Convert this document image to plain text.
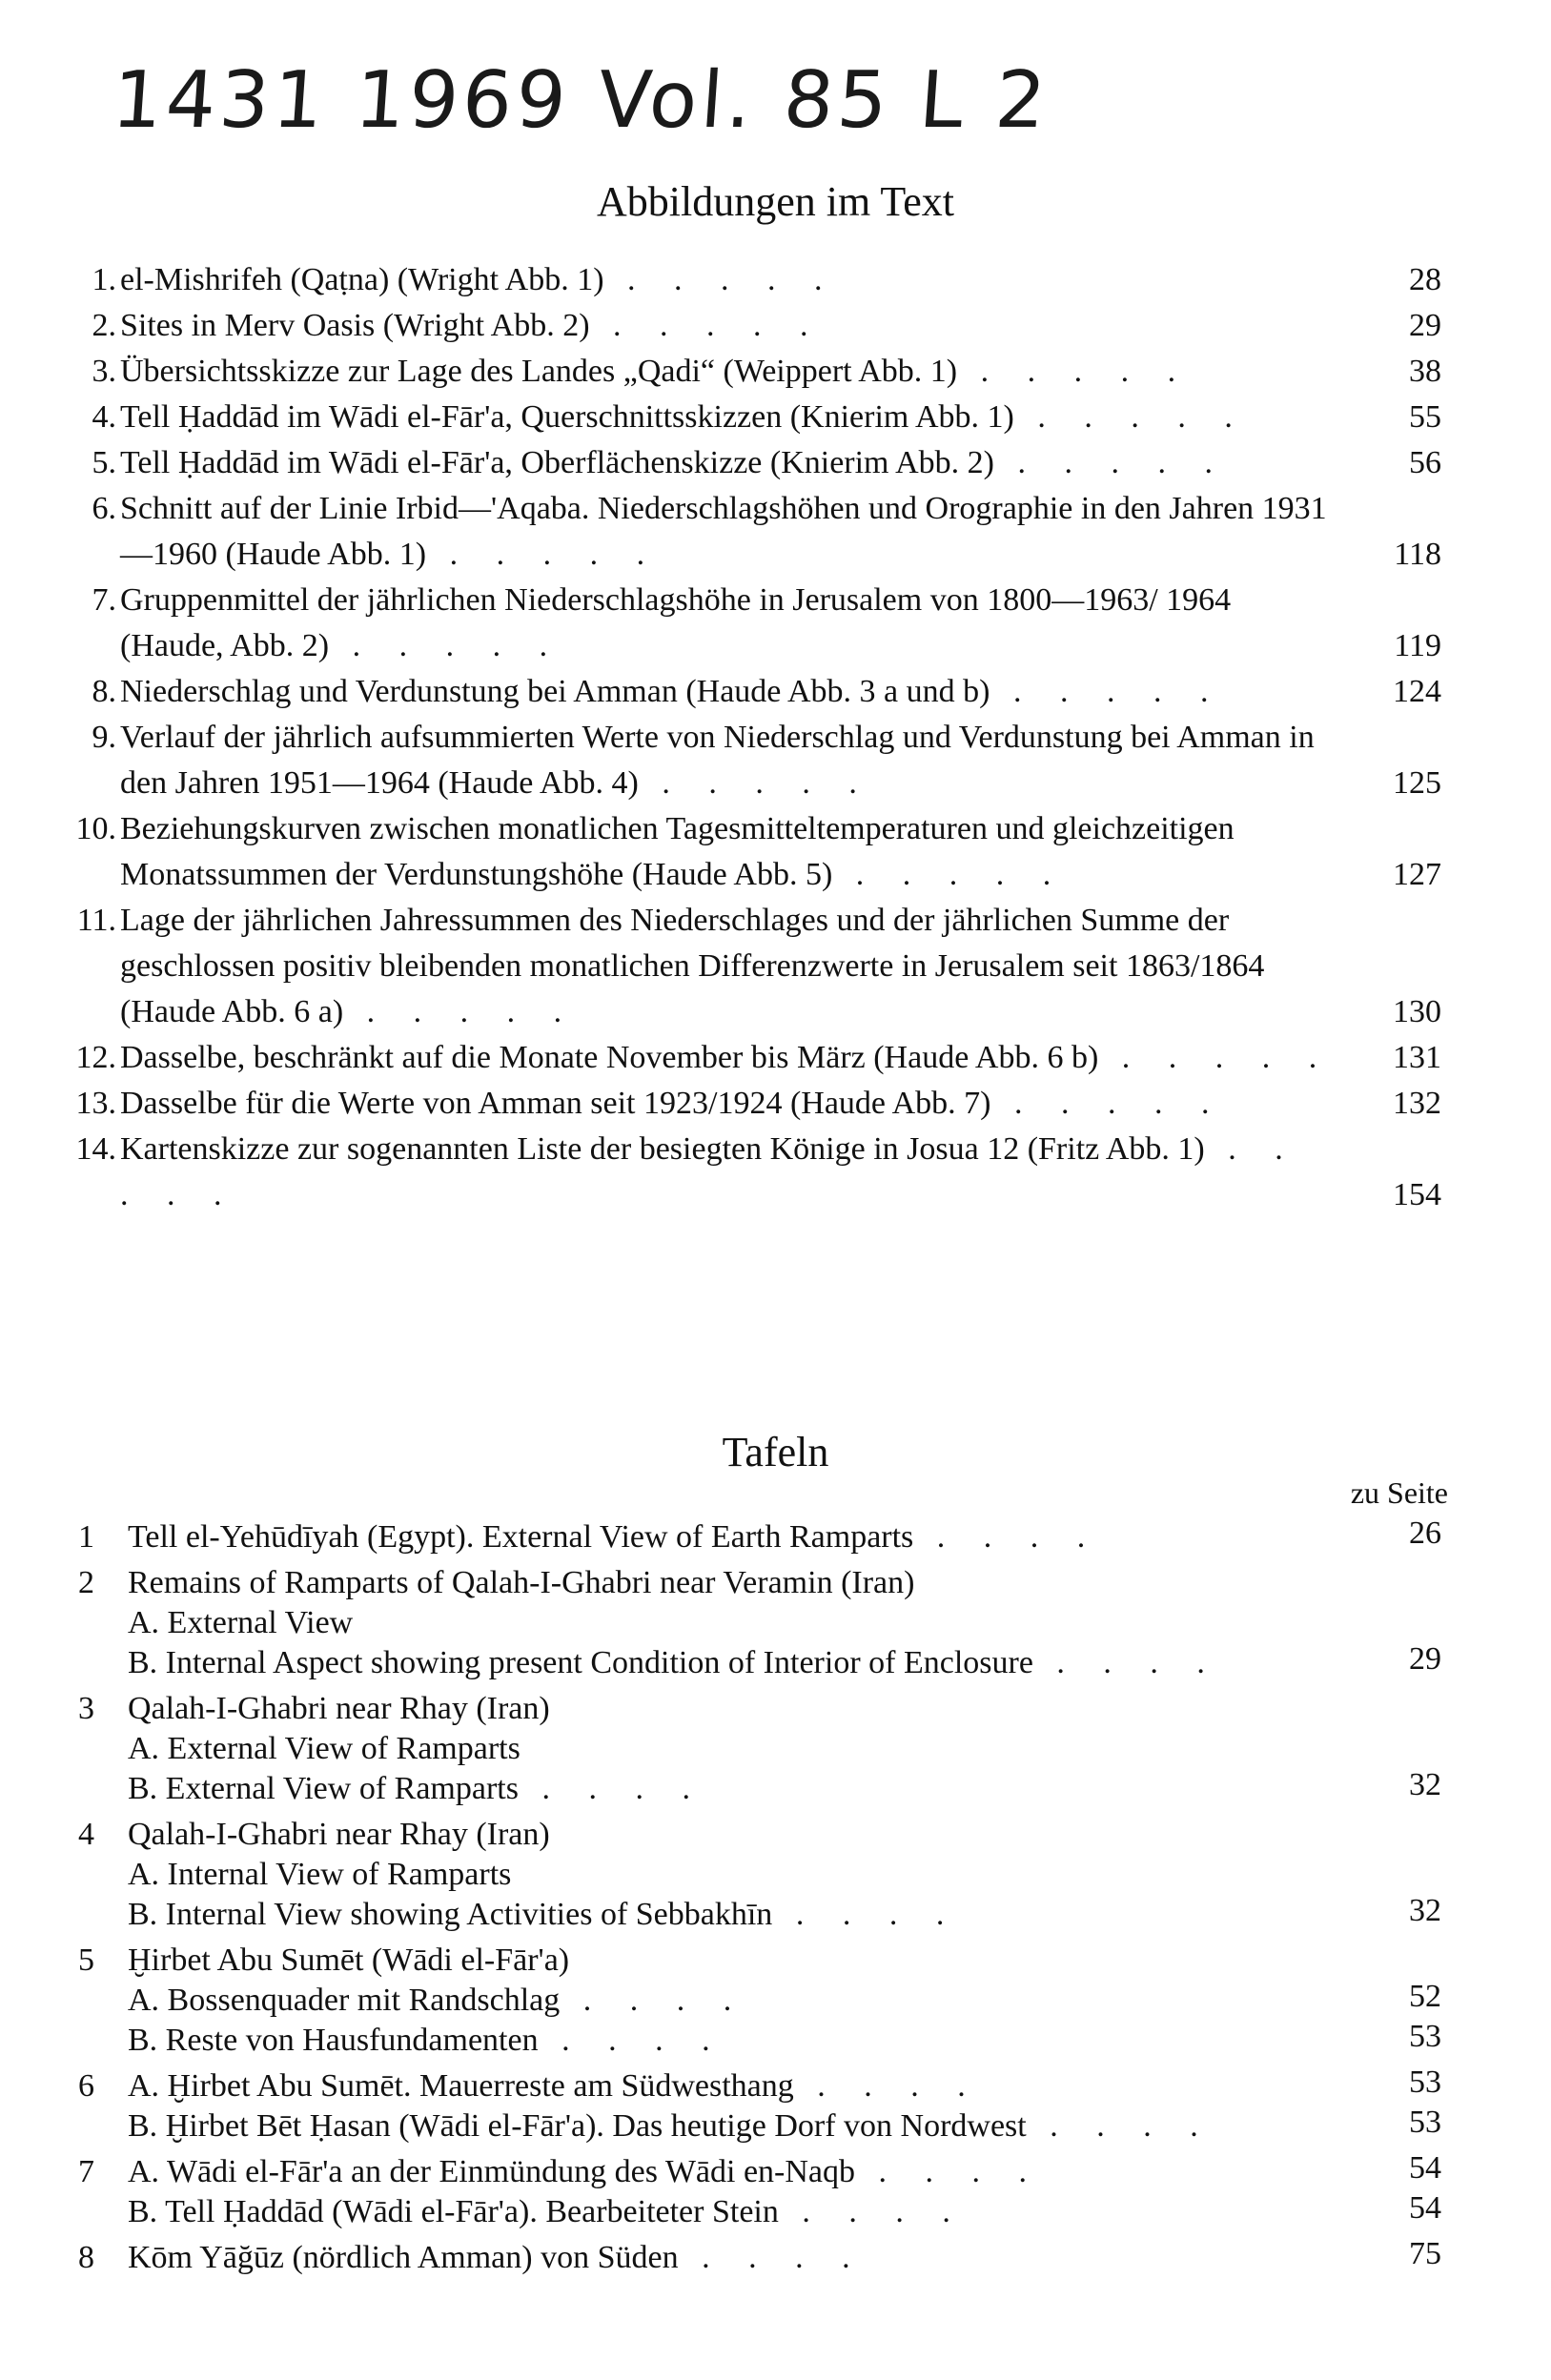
1431 1969 Vol. 85 L 2
Abbildungen im Text
1. el-Mishrifeh (Qaṭna) (Wright Abb. 1) . . . . .	28
2. Sites in Merv Oasis (Wright Abb. 2) . . . . .	29
3. Übersichtsskizze zur Lage des Landes „Qadi“ (Weippert Abb. 1) . . . . .	38
4. Tell Ḥaddād im Wādi el-Fār'a, Querschnittsskizzen (Knierim Abb. 1) . . . . .	55
5. Tell Ḥaddād im Wādi el-Fār'a, Oberflächenskizze (Knierim Abb. 2) . . . . .	56
6. Schnitt auf der Linie Irbid—'Aqaba. Niederschlagshöhen und Orographie in den Jahren 1931—1960 (Haude Abb. 1) . . . . .	118
7. Gruppenmittel der jährlichen Niederschlagshöhe in Jerusalem von 1800—1963/ 1964 (Haude, Abb. 2) . . . . .	119
8. Niederschlag und Verdunstung bei Amman (Haude Abb. 3 a und b) . . . . .	124
9. Verlauf der jährlich aufsummierten Werte von Niederschlag und Verdunstung bei Amman in den Jahren 1951—1964 (Haude Abb. 4) . . . . .	125
10. Beziehungskurven zwischen monatlichen Tagesmitteltemperaturen und gleichzeitigen Monatssummen der Verdunstungshöhe (Haude Abb. 5) . . . . .	127
11. Lage der jährlichen Jahressummen des Niederschlages und der jährlichen Summe der geschlossen positiv bleibenden monatlichen Differenzwerte in Jerusalem seit 1863/1864 (Haude Abb. 6 a) . . . . .	130
12. Dasselbe, beschränkt auf die Monate November bis März (Haude Abb. 6 b) . . . . .	131
13. Dasselbe für die Werte von Amman seit 1923/1924 (Haude Abb. 7) . . . . .	132
14. Kartenskizze zur sogenannten Liste der besiegten Könige in Josua 12 (Fritz Abb. 1) . . . . .	154
Tafeln
zu Seite
1	Tell el-Yehūdīyah (Egypt). External View of Earth Ramparts . . . .	26
2	Remains of Ramparts of Qalah-I-Ghabri near Veramin (Iran)
A. External View
B. Internal Aspect showing present Condition of Interior of Enclosure . . . .	29
3	Qalah-I-Ghabri near Rhay (Iran)
A. External View of Ramparts
B. External View of Ramparts . . . .	32
4	Qalah-I-Ghabri near Rhay (Iran)
A. Internal View of Ramparts
B. Internal View showing Activities of Sebbakhīn . . . .	32
5	Ḫirbet Abu Sumēt (Wādi el-Fār'a)
A. Bossenquader mit Randschlag . . . .	52
B. Reste von Hausfundamenten . . . .	53
6	A. Ḫirbet Abu Sumēt. Mauerreste am Südwesthang . . . .	53
B. Ḫirbet Bēt Ḥasan (Wādi el-Fār'a). Das heutige Dorf von Nordwest . . . .	53
7	A. Wādi el-Fār'a an der Einmündung des Wādi en-Naqb . . . .	54
B. Tell Ḥaddād (Wādi el-Fār'a). Bearbeiteter Stein . . . .	54
8	Kōm Yāğūz (nördlich Amman) von Süden . . . .	75
